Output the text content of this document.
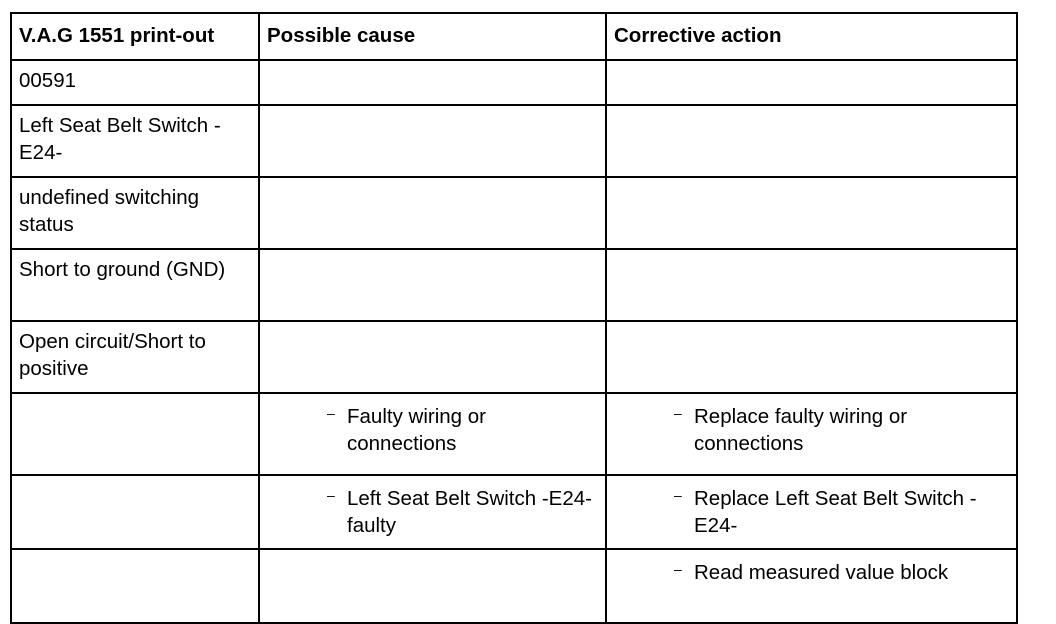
V.A.G 1551 print-out	Possible cause	Corrective action
00591		
Left Seat Belt Switch -E24-		
undefined switching status		
Short to ground (GND)		
Open circuit/Short to positive		

	– Faulty wiring or connections	– Replace faulty wiring or connections

	– Left Seat Belt Switch -E24- faulty	– Replace Left Seat Belt Switch -E24-

		– Read measured value block
